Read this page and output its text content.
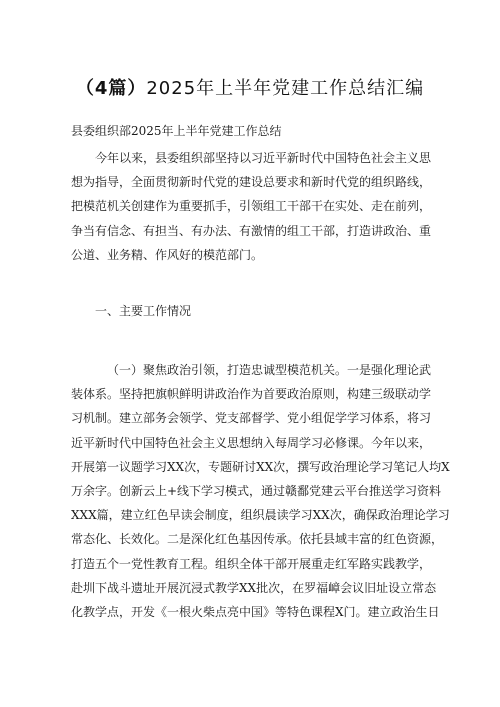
（4篇）2025年上半年党建工作总结汇编
县委组织部2025年上半年党建工作总结
今年以来，县委组织部坚持以习近平新时代中国特色社会主义思
想为指导，全面贯彻新时代党的建设总要求和新时代党的组织路线，
把模范机关创建作为重要抓手，引领组工干部干在实处、走在前列，
争当有信念、有担当、有办法、有激情的组工干部，打造讲政治、重
公道、业务精、作风好的模范部门。
一、主要工作情况
（一）聚焦政治引领，打造忠诚型模范机关。一是强化理论武
装体系。坚持把旗帜鲜明讲政治作为首要政治原则，构建三级联动学
习机制。建立部务会领学、党支部督学、党小组促学学习体系，将习
近平新时代中国特色社会主义思想纳入每周学习必修课。今年以来，
开展第一议题学习XX次，专题研讨XX次，撰写政治理论学习笔记人均X
万余字。创新云上+线下学习模式，通过赣鄱党建云平台推送学习资料
XXX篇，建立红色早读会制度，组织晨读学习XX次，确保政治理论学习
常态化、长效化。二是深化红色基因传承。依托县域丰富的红色资源，
打造五个一党性教育工程。组织全体干部开展重走红军路实践教学，
赴圳下战斗遗址开展沉浸式教学XX批次，在罗福嶂会议旧址设立常态
化教学点，开发《一根火柴点亮中国》等特色课程X门。建立政治生日
